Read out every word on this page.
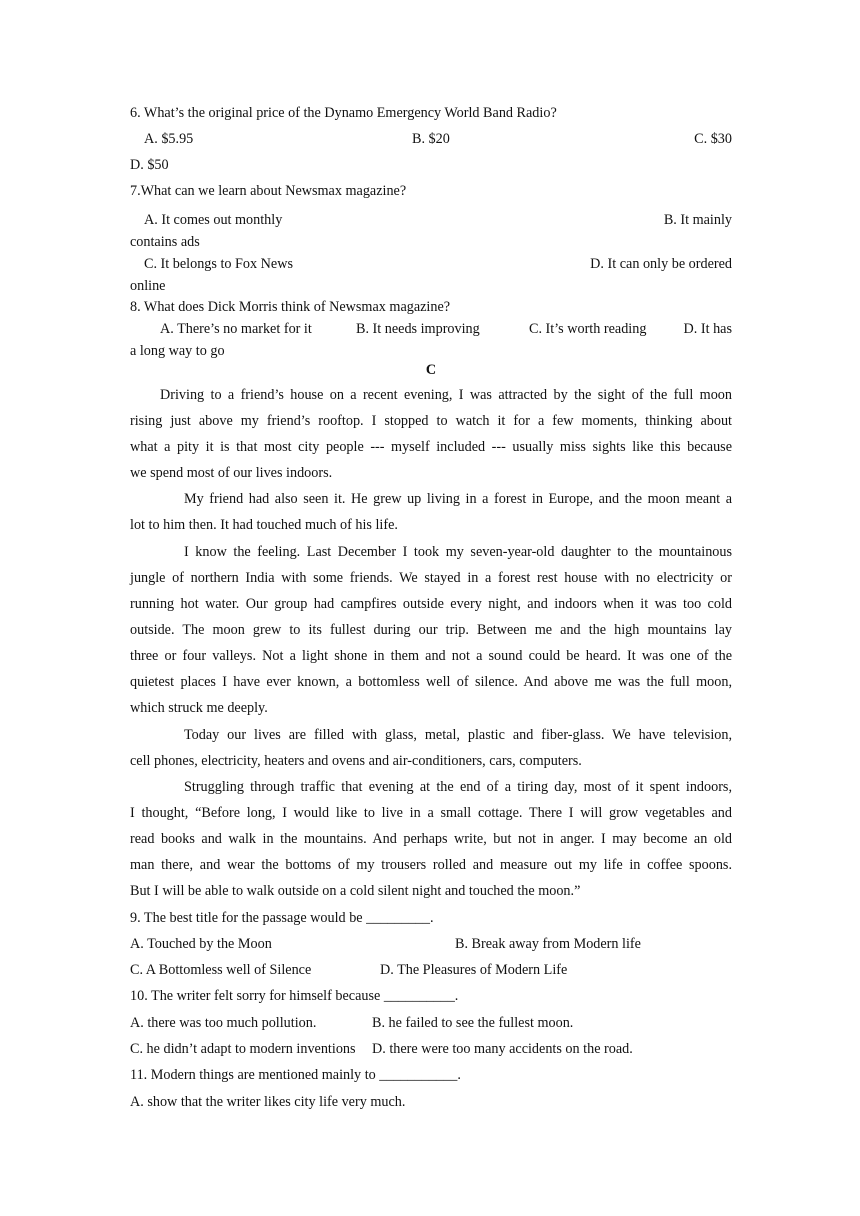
6. What’s the original price of the Dynamo Emergency World Band Radio?
A. $5.95	B. $20	C. $30
D. $50
7.What can we learn about Newsmax magazine?
A. It comes out monthly	B. It mainly
contains ads
C. It belongs to Fox News	D. It can only be ordered
online
8. What does Dick Morris think of Newsmax magazine?
A. There’s no market for it	B. It needs improving	C. It’s worth reading	D. It has
a long way to go
C
Driving to a friend’s house on a recent evening, I was attracted by the sight of the full moon
rising just above my friend’s rooftop. I stopped to watch it for a few moments, thinking about
what a pity it is that most city people --- myself included --- usually miss sights like this because
we spend most of our lives indoors.
My friend had also seen it. He grew up living in a forest in Europe, and the moon meant a
lot to him then. It had touched much of his life.
I know the feeling. Last December I took my seven-year-old daughter to the mountainous
jungle of northern India with some friends. We stayed in a forest rest house with no electricity or
running hot water. Our group had campfires outside every night, and indoors when it was too cold
outside. The moon grew to its fullest during our trip. Between me and the high mountains lay
three or four valleys. Not a light shone in them and not a sound could be heard. It was one of the
quietest places I have ever known, a bottomless well of silence. And above me was the full moon,
which struck me deeply.
Today our lives are filled with glass, metal, plastic and fiber-glass. We have television,
cell phones, electricity, heaters and ovens and air-conditioners, cars, computers.
Struggling through traffic that evening at the end of a tiring day, most of it spent indoors,
I thought, “Before long, I would like to live in a small cottage. There I will grow vegetables and
read books and walk in the mountains. And perhaps write, but not in anger. I may become an old
man there, and wear the bottoms of my trousers rolled and measure out my life in coffee spoons.
But I will be able to walk outside on a cold silent night and touched the moon.”
9. The best title for the passage would be _________.
A. Touched by the Moon	B. Break away from Modern life
C. A Bottomless well of Silence	D. The Pleasures of Modern Life
10. The writer felt sorry for himself because __________.
A. there was too much pollution.	B. he failed to see the fullest moon.
C. he didn’t adapt to modern inventions D. there were too many accidents on the road.
11. Modern things are mentioned mainly to ___________.
A. show that the writer likes city life very much.
